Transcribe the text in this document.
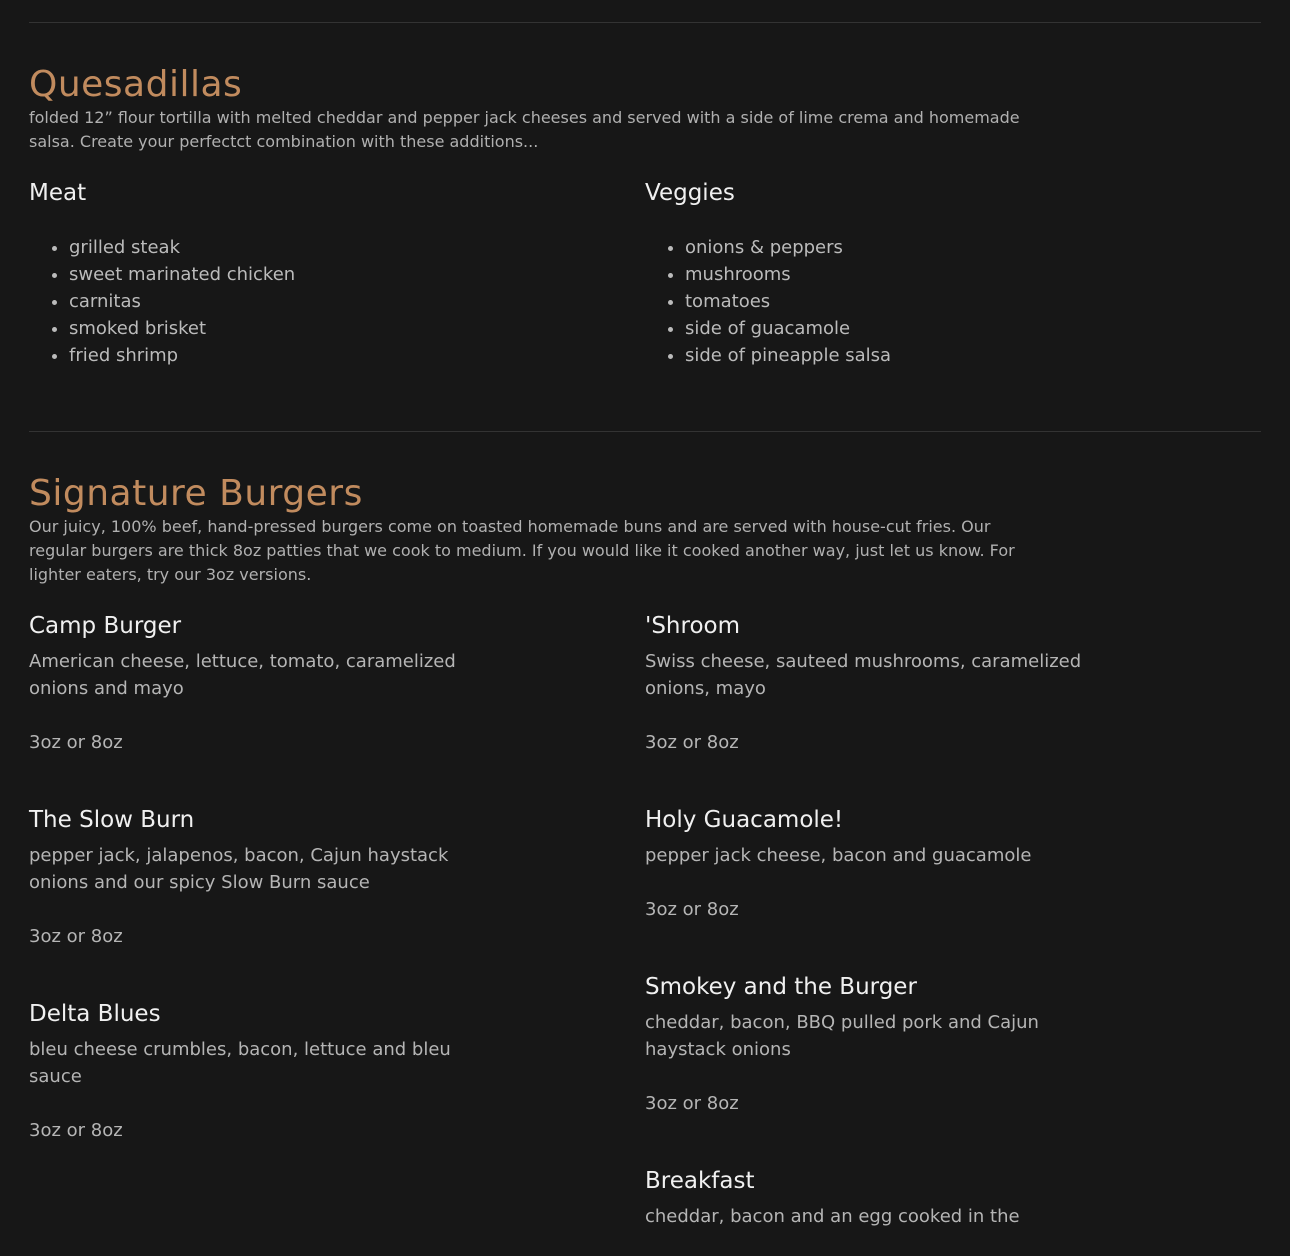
Quesadillas

folded 12” flour tortilla with melted cheddar and pepper jack cheeses and served with a side of lime crema and homemade salsa. Create your perfectct combination with these additions...

Meat
• grilled steak
• sweet marinated chicken
• carnitas
• smoked brisket
• fried shrimp
Veggies
• onions & peppers
• mushrooms
• tomatoes
• side of guacamole
• side of pineapple salsa
Signature Burgers

Our juicy, 100% beef, hand-pressed burgers come on toasted homemade buns and are served with house-cut fries. Our regular burgers are thick 8oz patties that we cook to medium. If you would like it cooked another way, just let us know. For lighter eaters, try our 3oz versions.

Camp Burger

American cheese, lettuce, tomato, caramelized onions and mayo

3oz or 8oz

The Slow Burn

pepper jack, jalapenos, bacon, Cajun haystack onions and our spicy Slow Burn sauce

3oz or 8oz

Delta Blues

bleu cheese crumbles, bacon, lettuce and bleu sauce

3oz or 8oz

'Shroom

Swiss cheese, sauteed mushrooms, caramelized onions, mayo

3oz or 8oz

Holy Guacamole!

pepper jack cheese, bacon and guacamole

3oz or 8oz

Smokey and the Burger

cheddar, bacon, BBQ pulled pork and Cajun haystack onions

3oz or 8oz

Breakfast

cheddar, bacon and an egg cooked in the
